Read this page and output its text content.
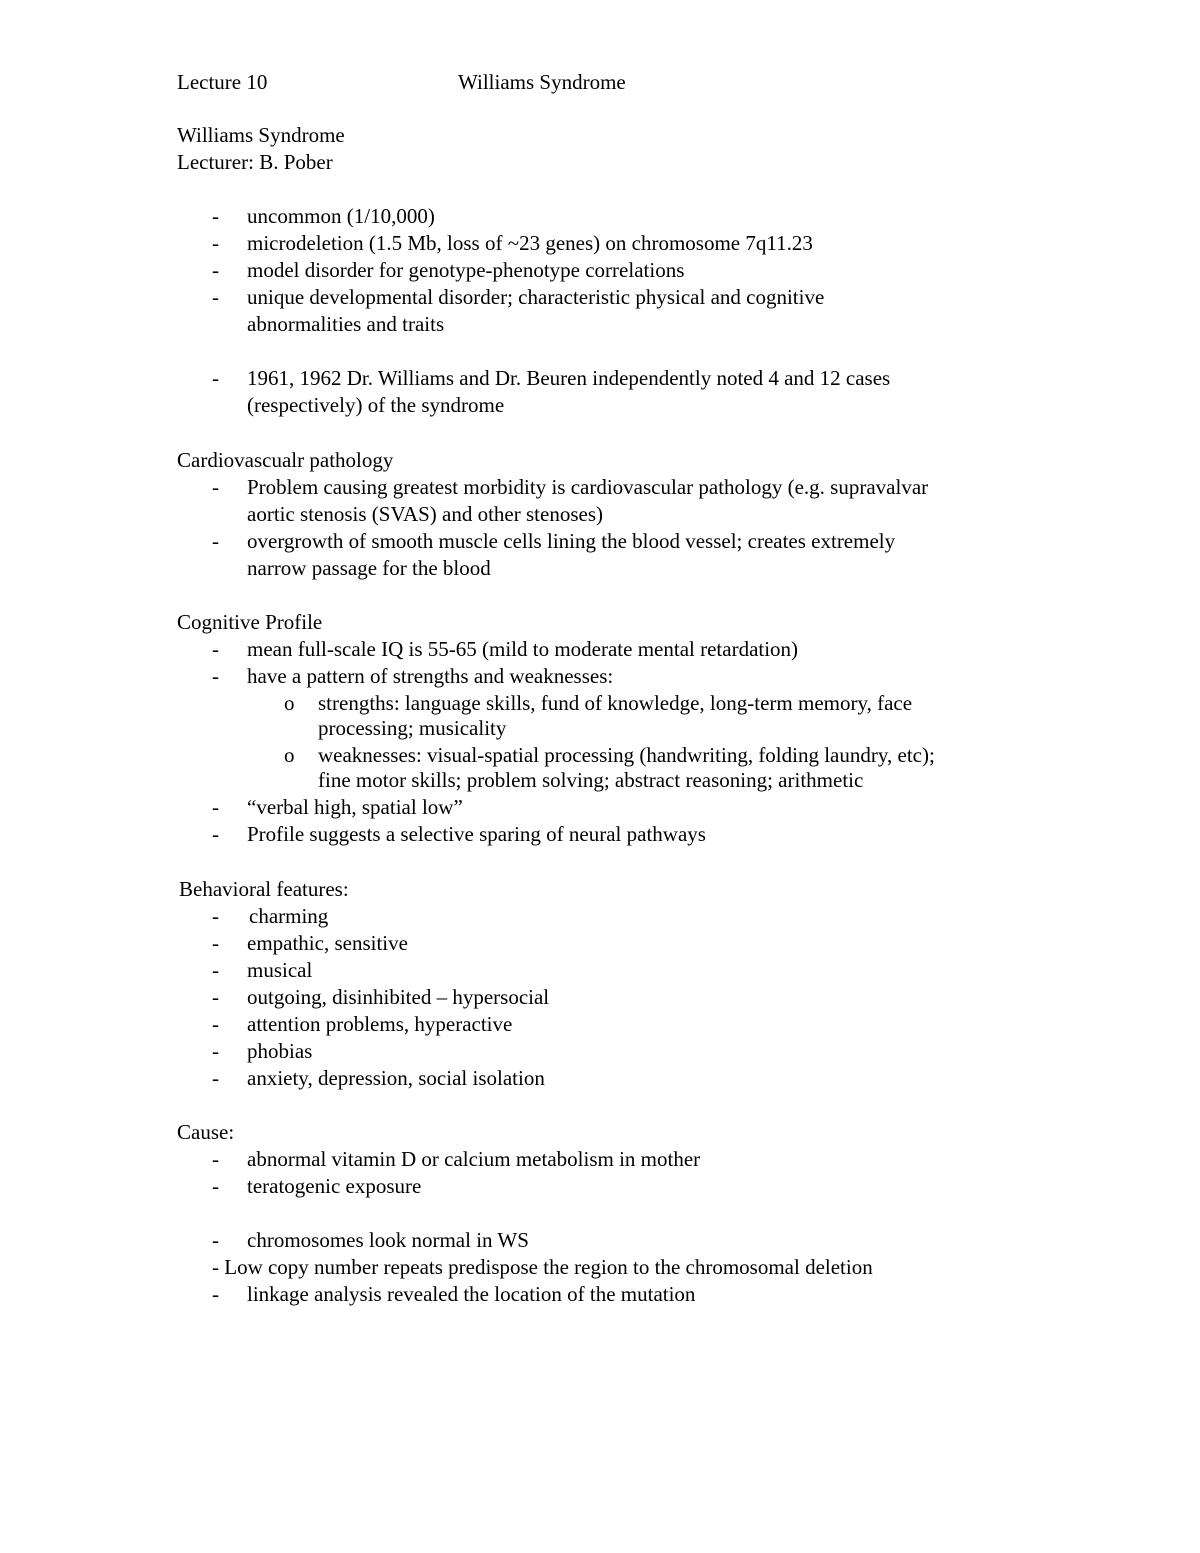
Lecture 10	Williams Syndrome
Williams Syndrome
Lecturer: B. Pober
- uncommon (1/10,000)
- microdeletion (1.5 Mb, loss of ~23 genes) on chromosome 7q11.23
- model disorder for genotype-phenotype correlations
- unique developmental disorder; characteristic physical and cognitive
abnormalities and traits
- 1961, 1962 Dr. Williams and Dr. Beuren independently noted 4 and 12 cases
(respectively) of the syndrome
Cardiovascualr pathology
- Problem causing greatest morbidity is cardiovascular pathology (e.g. supravalvar
aortic stenosis (SVAS) and other stenoses)
- overgrowth of smooth muscle cells lining the blood vessel; creates extremely
narrow passage for the blood
Cognitive Profile
- mean full-scale IQ is 55-65 (mild to moderate mental retardation)
- have a pattern of strengths and weaknesses:
o strengths: language skills, fund of knowledge, long-term memory, face
processing; musicality
o weaknesses: visual-spatial processing (handwriting, folding laundry, etc);
fine motor skills; problem solving; abstract reasoning; arithmetic
- “verbal high, spatial low”
- Profile suggests a selective sparing of neural pathways
Behavioral features:
- charming
- empathic, sensitive
- musical
- outgoing, disinhibited – hypersocial
- attention problems, hyperactive
- phobias
- anxiety, depression, social isolation
Cause:
- abnormal vitamin D or calcium metabolism in mother
- teratogenic exposure
- chromosomes look normal in WS
- Low copy number repeats predispose the region to the chromosomal deletion
- linkage analysis revealed the location of the mutation
